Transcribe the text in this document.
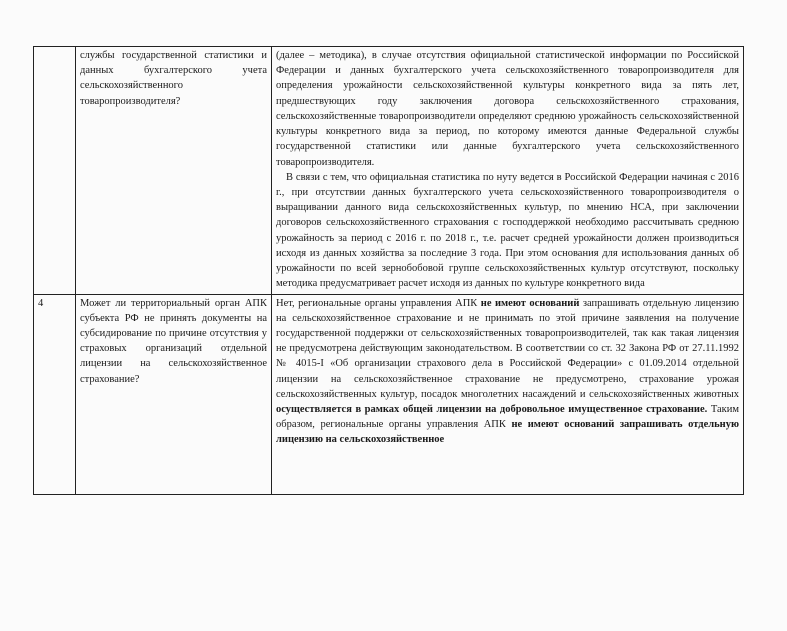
	службы государственной статистики и данных бухгалтерского учета сельскохозяйственного товаропроизводителя?	(далее – методика), в случае отсутствия официальной статистической информации по Российской Федерации и данных бухгалтерского учета сельскохозяйственного товаропроизводителя для определения урожайности сельскохозяйственной культуры конкретного вида за пять лет, предшествующих году заключения договора сельскохозяйственного страхования, сельскохозяйственные товаропроизводители определяют среднюю урожайность сельскохозяйственной культуры конкретного вида за период, по которому имеются данные Федеральной службы государственной статистики или данные бухгалтерского учета сельскохозяйственного товаропроизводителя.

В связи с тем, что официальная статистика по нуту ведется в Российской Федерации начиная с 2016 г., при отсутствии данных бухгалтерского учета сельскохозяйственного товаропроизводителя о выращивании данного вида сельскохозяйственных культур, по мнению НСА, при заключении договоров сельскохозяйственного страхования с господдержкой необходимо рассчитывать среднюю урожайность за период с 2016 г. по 2018 г., т.е. расчет средней урожайности должен производиться исходя из данных хозяйства за последние 3 года. При этом основания для использования данных об урожайности по всей зернобобовой группе сельскохозяйственных культур отсутствуют, поскольку методика предусматривает расчет исходя из данных по культуре конкретного вида

4	Может ли территориальный орган АПК субъекта РФ не принять документы на субсидирование по причине отсутствия у страховых организаций отдельной лицензии на сельскохозяйственное страхование?	Нет, региональные органы управления АПК не имеют оснований запрашивать отдельную лицензию на сельскохозяйственное страхование и не принимать по этой причине заявления на получение государственной поддержки от сельскохозяйственных товаропроизводителей, так как такая лицензия не предусмотрена действующим законодательством. В соответствии со ст. 32 Закона РФ от 27.11.1992 № 4015-I «Об организации страхового дела в Российской Федерации» с 01.09.2014 отдельной лицензии на сельскохозяйственное страхование не предусмотрено, страхование урожая сельскохозяйственных культур, посадок многолетних насаждений и сельскохозяйственных животных осуществляется в рамках общей лицензии на добровольное имущественное страхование. Таким образом, региональные органы управления АПК не имеют оснований запрашивать отдельную лицензию на сельскохозяйственное
